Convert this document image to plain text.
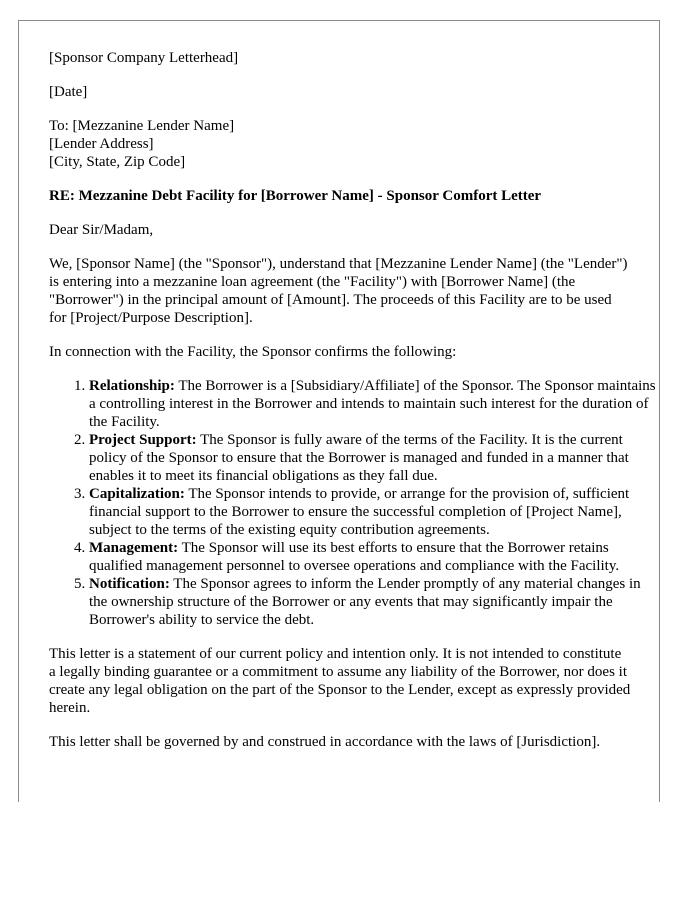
[Sponsor Company Letterhead]

[Date]

To: [Mezzanine Lender Name]
[Lender Address]
[City, State, Zip Code]

RE: Mezzanine Debt Facility for [Borrower Name] - Sponsor Comfort Letter

Dear Sir/Madam,

We, [Sponsor Name] (the "Sponsor"), understand that [Mezzanine Lender Name] (the "Lender") is entering into a mezzanine loan agreement (the "Facility") with [Borrower Name] (the "Borrower") in the principal amount of [Amount]. The proceeds of this Facility are to be used for [Project/Purpose Description].

In connection with the Facility, the Sponsor confirms the following:

1. Relationship: The Borrower is a [Subsidiary/Affiliate] of the Sponsor. The Sponsor maintains a controlling interest in the Borrower and intends to maintain such interest for the duration of the Facility.
2. Project Support: The Sponsor is fully aware of the terms of the Facility. It is the current policy of the Sponsor to ensure that the Borrower is managed and funded in a manner that enables it to meet its financial obligations as they fall due.
3. Capitalization: The Sponsor intends to provide, or arrange for the provision of, sufficient financial support to the Borrower to ensure the successful completion of [Project Name], subject to the terms of the existing equity contribution agreements.
4. Management: The Sponsor will use its best efforts to ensure that the Borrower retains qualified management personnel to oversee operations and compliance with the Facility.
5. Notification: The Sponsor agrees to inform the Lender promptly of any material changes in the ownership structure of the Borrower or any events that may significantly impair the Borrower's ability to service the debt.

This letter is a statement of our current policy and intention only. It is not intended to constitute a legally binding guarantee or a commitment to assume any liability of the Borrower, nor does it create any legal obligation on the part of the Sponsor to the Lender, except as expressly provided herein.

This letter shall be governed by and construed in accordance with the laws of [Jurisdiction].
